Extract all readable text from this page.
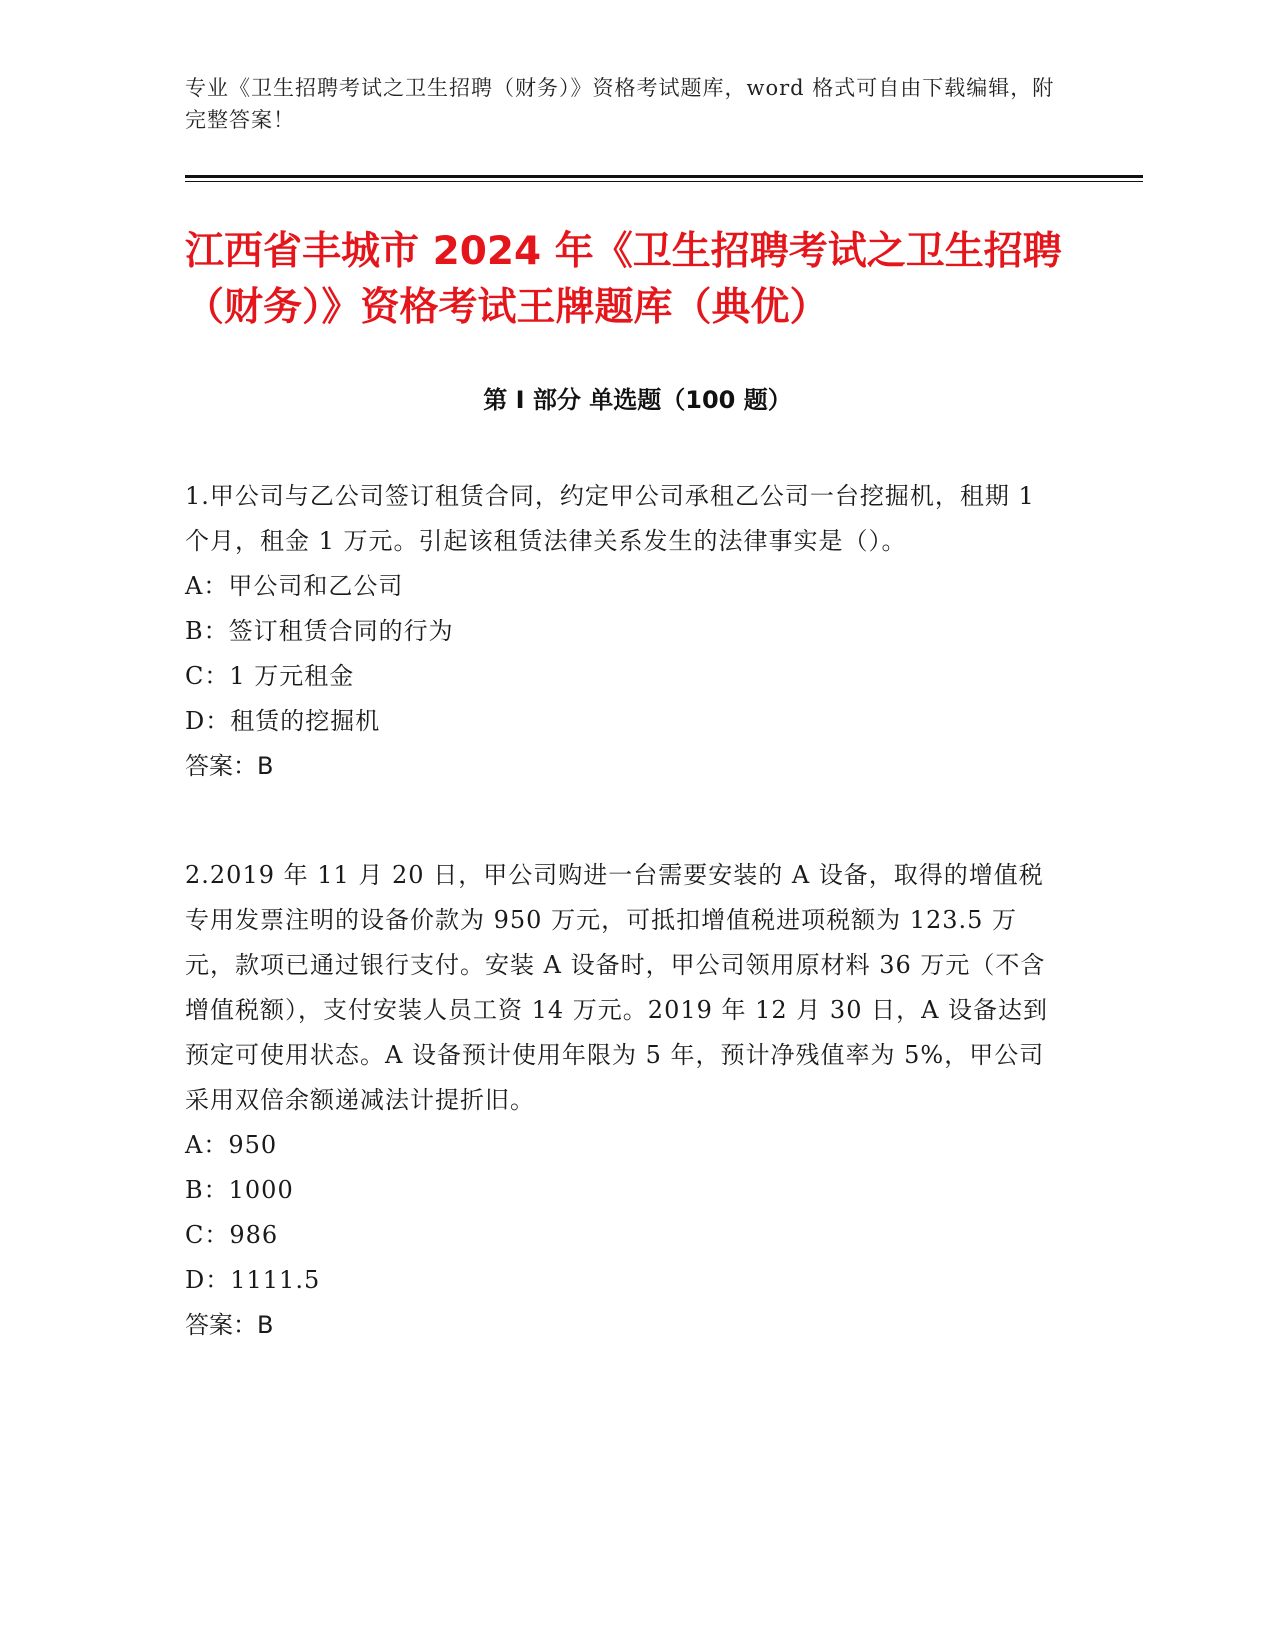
专业《卫生招聘考试之卫生招聘（财务）》资格考试题库，word 格式可自由下载编辑，附完整答案！
江西省丰城市 2024 年《卫生招聘考试之卫生招聘（财务）》资格考试王牌题库（典优）
第 I 部分 单选题（100 题）

1.甲公司与乙公司签订租赁合同，约定甲公司承租乙公司一台挖掘机，租期 1 个月，租金 1 万元。引起该租赁法律关系发生的法律事实是（）。

A：甲公司和乙公司

B：签订租赁合同的行为

C：1 万元租金

D：租赁的挖掘机

答案：B

2.2019 年 11 月 20 日，甲公司购进一台需要安装的 A 设备，取得的增值税专用发票注明的设备价款为 950 万元，可抵扣增值税进项税额为 123.5 万元，款项已通过银行支付。安装 A 设备时，甲公司领用原材料 36 万元（不含增值税额），支付安装人员工资 14 万元。2019 年 12 月 30 日，A 设备达到预定可使用状态。A 设备预计使用年限为 5 年，预计净残值率为 5%，甲公司采用双倍余额递减法计提折旧。

A：950

B：1000

C：986

D：1111.5

答案：B
